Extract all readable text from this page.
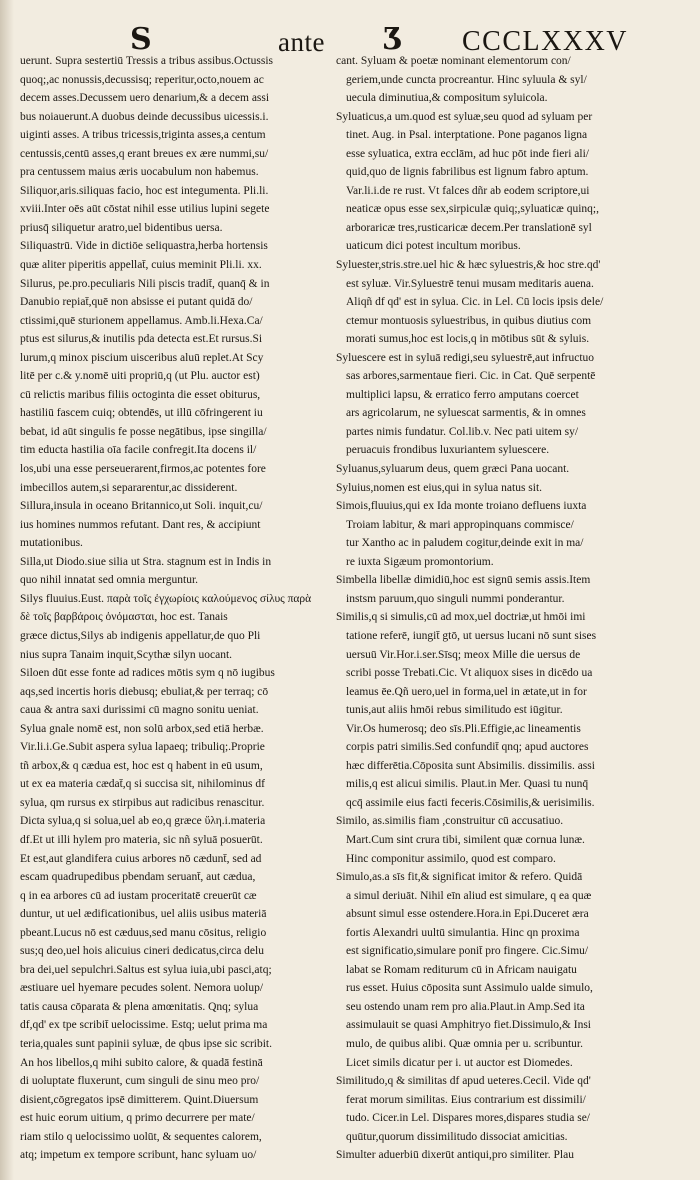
S	ante Ʒ CCCLXXXV
uerunt. Supra sestertiū Tressis a tribus assibus.Octussis
quoq;,ac nonussis,decussisq; reperitur,octo,nouem ac
decem asses.Decussem uero denarium,& a decem assi
bus noiauerunt.A duobus deinde decussibus uicessis.i.
uiginti asses. A tribus tricessis,triginta asses,a centum
centussis,centū asses,q erant breues ex ære nummi,su/
pra centussem maius æris uocabulum non habemus.
Siliquor,aris.siliquas facio, hoc est integumenta. Pli.li.
xviii.Inter oēs aūt cōstat nihil esse utilius lupini segete
priusq̄ siliquetur aratro,uel bidentibus uersa.
Siliquastrū. Vide in dictiōe seliquastra,herba hortensis
quæ aliter piperitis appellat̄, cuius meminit Pli.li. xx.
Silurus, pe.pro.peculiaris Nili piscis tradit̄, quanq̄ & in
Danubio repiat̄,quē non absisse ei putant quidā do/
ctissimi,quē sturionem appellamus. Amb.li.Hexa.Ca/
ptus est silurus,& inutilis pda detecta est.Et rursus.Si
lurum,q minox piscium uisceribus aluū replet.At Scy
litē per c.& y.nomē uiti propriū,q (ut Plu. auctor est)
cū relictis maribus filiis octoginta die esset obiturus,
hastiliū fascem cuiq; obtendēs, ut illū cōfringerent iu
bebat, id aūt singulis fe posse negātibus, ipse singilla/
tim educta hastilia oīa facile confregit.Ita docens il/
los,ubi una esse perseuerarent,firmos,ac potentes fore
imbecillos autem,si separarentur,ac dissiderent.
Sillura,insula in oceano Britannico,ut Soli. inquit,cu/
ius homines nummos refutant. Dant res, & accipiunt
mutationibus.
Silla,ut Diodo.siue silia ut Stra. stagnum est in Indis in
quo nihil innatat sed omnia merguntur.
Silys fluuius.Eust. παρὰ τοῖς ἐγχωρίοις καλούμενος σίλυς παρὰ
δὲ τοῖς βαρβάροις ὀνόμασται, hoc est. Tanais
græce dictus,Silys ab indigenis appellatur,de quo Pli
nius supra Tanaim inquit,Scythæ silyn uocant.
Siloen dūt esse fonte ad radices mōtis sym q nō iugibus
aqs,sed incertis horis diebusq; ebuliat,& per terraq; cō
caua & antra saxi durissimi cū magno sonitu ueniat.
Sylua gnale nomē est, non solū arbox,sed etiā herbæ.
Vir.li.i.Ge.Subit aspera sylua lapaeq; tribuliq;.Proprie
tñ arbox,& q cædua est, hoc est q habent in eū usum,
ut ex ea materia cædat̄,q si succisa sit, nihilominus df
sylua, qm rursus ex stirpibus aut radicibus renascitur.
Dicta sylua,q si solua,uel ab eo,q græce ὕλη.i.materia
df.Et ut illi hylem pro materia, sic nñ syluā posuerūt.
Et est,aut glandifera cuius arbores nō cædunt̄, sed ad
escam quadrupedibus pbendam seruant̄, aut cædua,
q in ea arbores cū ad iustam proceritatē creuerūt cæ
duntur, ut uel ædificationibus, uel aliis usibus materiā
pbeant.Lucus nō est cæduus,sed manu cōsitus, religio
sus;q deo,uel hois alicuius cineri dedicatus,circa delu
bra dei,uel sepulchri.Saltus est sylua iuia,ubi pasci,atq;
æstiuare uel hyemare pecudes solent. Nemora uolup/
tatis causa cōparata & plena amœnitatis. Qnq; sylua
df,qd' ex tpe scribit̄ uelocissime. Estq; uelut prima ma
teria,quales sunt papinii syluæ, de qbus ipse sic scribit.
An hos libellos,q mihi subito calore, & quadā festinā
di uoluptate fluxerunt, cum singuli de sinu meo pro/
disient,cōgregatos ipsē dimitterem. Quint.Diuersum
est huic eorum uitium, q primo decurrere per mate/
riam stilo q uelocissimo uolūt, & sequentes calorem,
atq; impetum ex tempore scribunt, hanc syluam uo/
cant. Syluam & poetæ nominant elementorum con/
geriem,unde cuncta procreantur. Hinc syluula & syl/
uecula diminutiua,& compositum syluicola.
Syluaticus,a um.quod est syluæ,seu quod ad syluam per
tinet. Aug. in Psal. interptatione. Pone paganos ligna
esse syluatica, extra ecclām, ad huc pōt inde fieri ali/
quid,quo de lignis fabrilibus est lignum fabro aptum.
Var.li.i.de re rust. Vt falces dñr ab eodem scriptore,ui
neaticæ opus esse sex,sirpiculæ quiq;,syluaticæ quinq;,
arboraricæ tres,rusticaricæ decem.Per translationē syl
uaticum dici potest incultum moribus.
Syluester,stris.stre.uel hic & hæc syluestris,& hoc stre.qd'
est syluæ. Vir.Syluestrē tenui musam meditaris auena.
Aliqñ df qd' est in sylua. Cic. in Lel. Cū locis ipsis dele/
ctemur montuosis syluestribus, in quibus diutius com
morati sumus,hoc est locis,q in mōtibus sūt & syluis.
Syluescere est in syluā redigi,seu syluestrē,aut infructuo
sas arbores,sarmentaue fieri. Cic. in Cat. Quē serpentē
multiplici lapsu, & erratico ferro amputans coercet
ars agricolarum, ne syluescat sarmentis, & in omnes
partes nimis fundatur. Col.lib.v. Nec pati uitem sy/
peruacuis frondibus luxuriantem syluescere.
Syluanus,syluarum deus, quem græci Pana uocant.
Syluius,nomen est eius,qui in sylua natus sit.
Simois,fluuius,qui ex Ida monte troiano defluens iuxta
Troiam labitur, & mari appropinquans commisce/
tur Xantho ac in paludem cogitur,deinde exit in ma/
re iuxta Sigæum promontorium.
Simbella libellæ dimidiū,hoc est signū semis assis.Item
instsm paruum,quo singuli nummi ponderantur.
Similis,q si simulis,cū ad mox,uel doctriæ,ut hmōi imi
tatione referē, iungit̄ gtō, ut uersus lucani nō sunt sises
uersuū Vir.Hor.i.ser.Sīsq; meox Mille die uersus de
scribi posse Trebati.Cic. Vt aliquox sises in dicēdo ua
leamus ēe.Qñ uero,uel in forma,uel in ætate,ut in for
tunis,aut aliis hmōi rebus similitudo est iūgitur.
Vir.Os humerosq; deo sīs.Pli.Effigie,ac lineamentis
corpis patri similis.Sed confundit̄ qnq; apud auctores
hæc differētia.Cōposita sunt Absimilis. dissimilis. assi
milis,q est alicui similis. Plaut.in Mer. Quasi tu nunq̄
qcq̄ assimile eius facti feceris.Cōsimilis,& uerisimilis.
Similo, as.similis fiam ,construitur cū accusatiuo.
Mart.Cum sint crura tibi, similent quæ cornua lunæ.
Hinc componitur assimilo, quod est comparo.
Simulo,as.a sīs fit,& significat imitor & refero. Quidā
a simul deriuāt. Nihil eīn aliud est simulare, q ea quæ
absunt simul esse ostendere.Hora.in Epi.Duceret æra
fortis Alexandri uultū simulantia. Hinc qn proxima
est significatio,simulare ponit̄ pro fingere. Cic.Simu/
labat se Romam rediturum cū in Africam nauigatu
rus esset. Huius cōposita sunt Assimulo ualde simulo,
seu ostendo unam rem pro alia.Plaut.in Amp.Sed ita
assimulauit se quasi Amphitryo fiet.Dissimulo,& Insi
mulo, de quibus alibi. Quæ omnia per u. scribuntur.
Licet simils dicatur per i. ut auctor est Diomedes.
Similitudo,q & similitas df apud ueteres.Cecil. Vide qd'
ferat morum similitas. Eius contrarium est dissimili/
tudo. Cicer.in Lel. Dispares mores,dispares studia se/
quūtur,quorum dissimilitudo dissociat amicitias.
Simulter aduerbiū dixerūt antiqui,pro similiter. Plau
